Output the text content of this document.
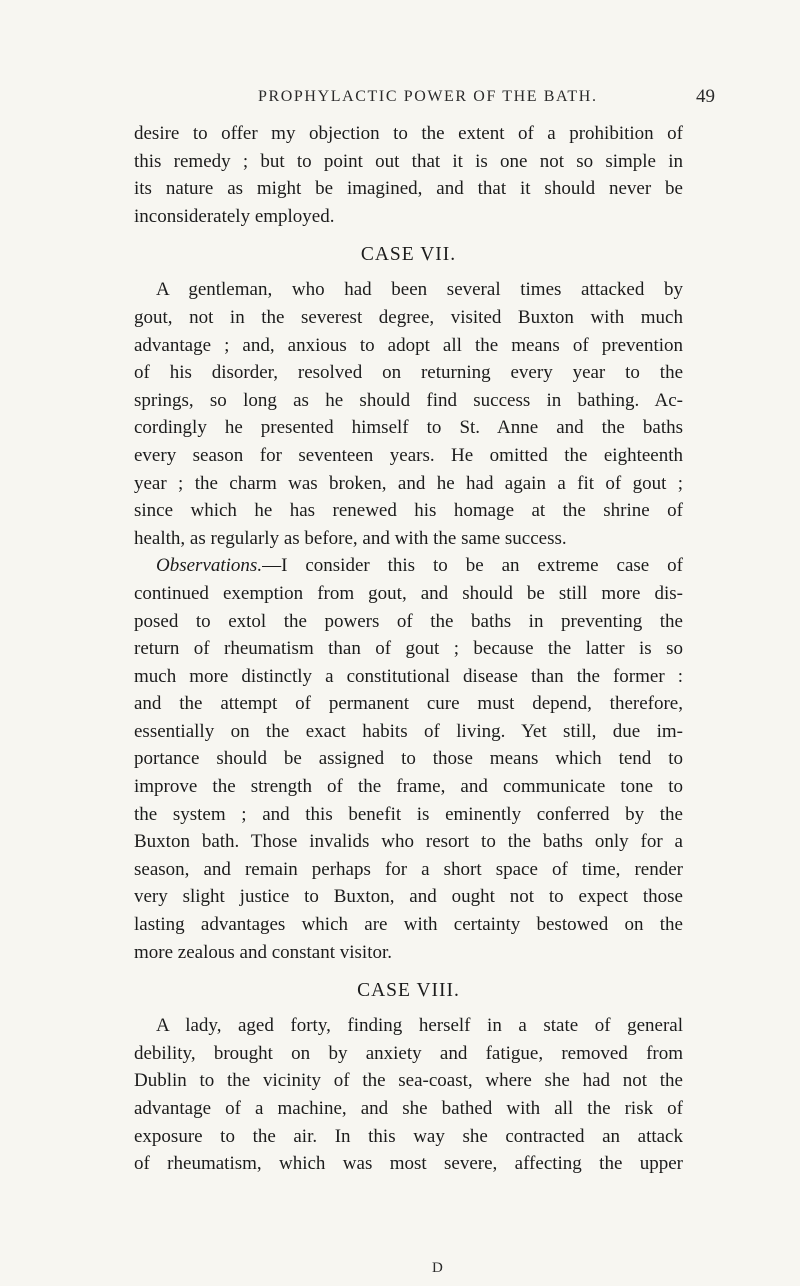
PROPHYLACTIC POWER OF THE BATH.	49
desire to offer my objection to the extent of a prohibition of
this remedy ; but to point out that it is one not so simple in
its nature as might be imagined, and that it should never be
inconsiderately employed.
CASE VII.
A gentleman, who had been several times attacked by
gout, not in the severest degree, visited Buxton with much
advantage ; and, anxious to adopt all the means of prevention
of his disorder, resolved on returning every year to the
springs, so long as he should find success in bathing. Ac-
cordingly he presented himself to St. Anne and the baths
every season for seventeen years. He omitted the eighteenth
year ; the charm was broken, and he had again a fit of gout ;
since which he has renewed his homage at the shrine of
health, as regularly as before, and with the same success.
Observations.—I consider this to be an extreme case of
continued exemption from gout, and should be still more dis-
posed to extol the powers of the baths in preventing the
return of rheumatism than of gout ; because the latter is so
much more distinctly a constitutional disease than the former :
and the attempt of permanent cure must depend, therefore,
essentially on the exact habits of living. Yet still, due im-
portance should be assigned to those means which tend to
improve the strength of the frame, and communicate tone to
the system ; and this benefit is eminently conferred by the
Buxton bath. Those invalids who resort to the baths only for a
season, and remain perhaps for a short space of time, render
very slight justice to Buxton, and ought not to expect those
lasting advantages which are with certainty bestowed on the
more zealous and constant visitor.
CASE VIII.
A lady, aged forty, finding herself in a state of general
debility, brought on by anxiety and fatigue, removed from
Dublin to the vicinity of the sea-coast, where she had not the
advantage of a machine, and she bathed with all the risk of
exposure to the air. In this way she contracted an attack
of rheumatism, which was most severe, affecting the upper
D
